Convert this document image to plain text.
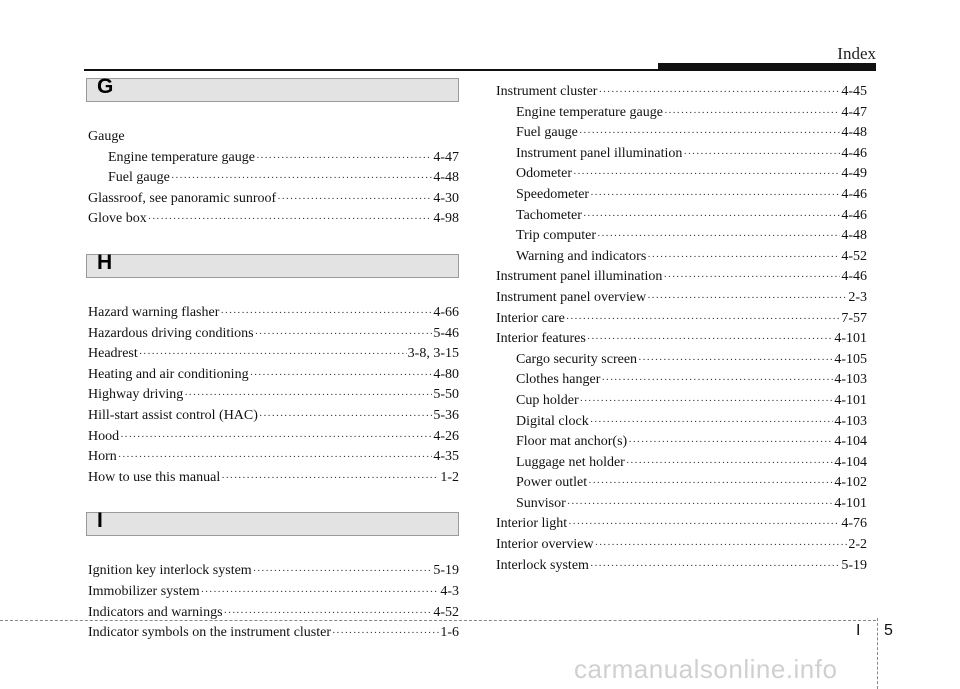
Index
G
Gauge
Engine temperature gauge ·····	4-47
Fuel gauge ·····	4-48
Glassroof, see panoramic sunroof ·····	4-30
Glove box ·····	4-98
H
Hazard warning flasher ·····	4-66
Hazardous driving conditions ·····	5-46
Headrest ·····	3-8, 3-15
Heating and air conditioning ·····	4-80
Highway driving ·····	5-50
Hill-start assist control (HAC) ·····	5-36
Hood ·····	4-26
Horn ·····	4-35
How to use this manual ·····	1-2
I
Ignition key interlock system ·····	5-19
Immobilizer system ·····	4-3
Indicators and warnings ·····	4-52
Indicator symbols on the instrument cluster ·····	1-6
Instrument cluster ·····	4-45
Engine temperature gauge ·····	4-47
Fuel gauge ·····	4-48
Instrument panel illumination ·····	4-46
Odometer ·····	4-49
Speedometer ·····	4-46
Tachometer ·····	4-46
Trip computer ·····	4-48
Warning and indicators ·····	4-52
Instrument panel illumination ·····	4-46
Instrument panel overview ·····	2-3
Interior care ·····	7-57
Interior features ·····	4-101
Cargo security screen ·····	4-105
Clothes hanger ·····	4-103
Cup holder ·····	4-101
Digital clock ·····	4-103
Floor mat anchor(s) ·····	4-104
Luggage net holder ·····	4-104
Power outlet ·····	4-102
Sunvisor ·····	4-101
Interior light ·····	4-76
Interior overview ·····	2-2
Interlock system ·····	5-19
I 5
carmanualsonline.info
